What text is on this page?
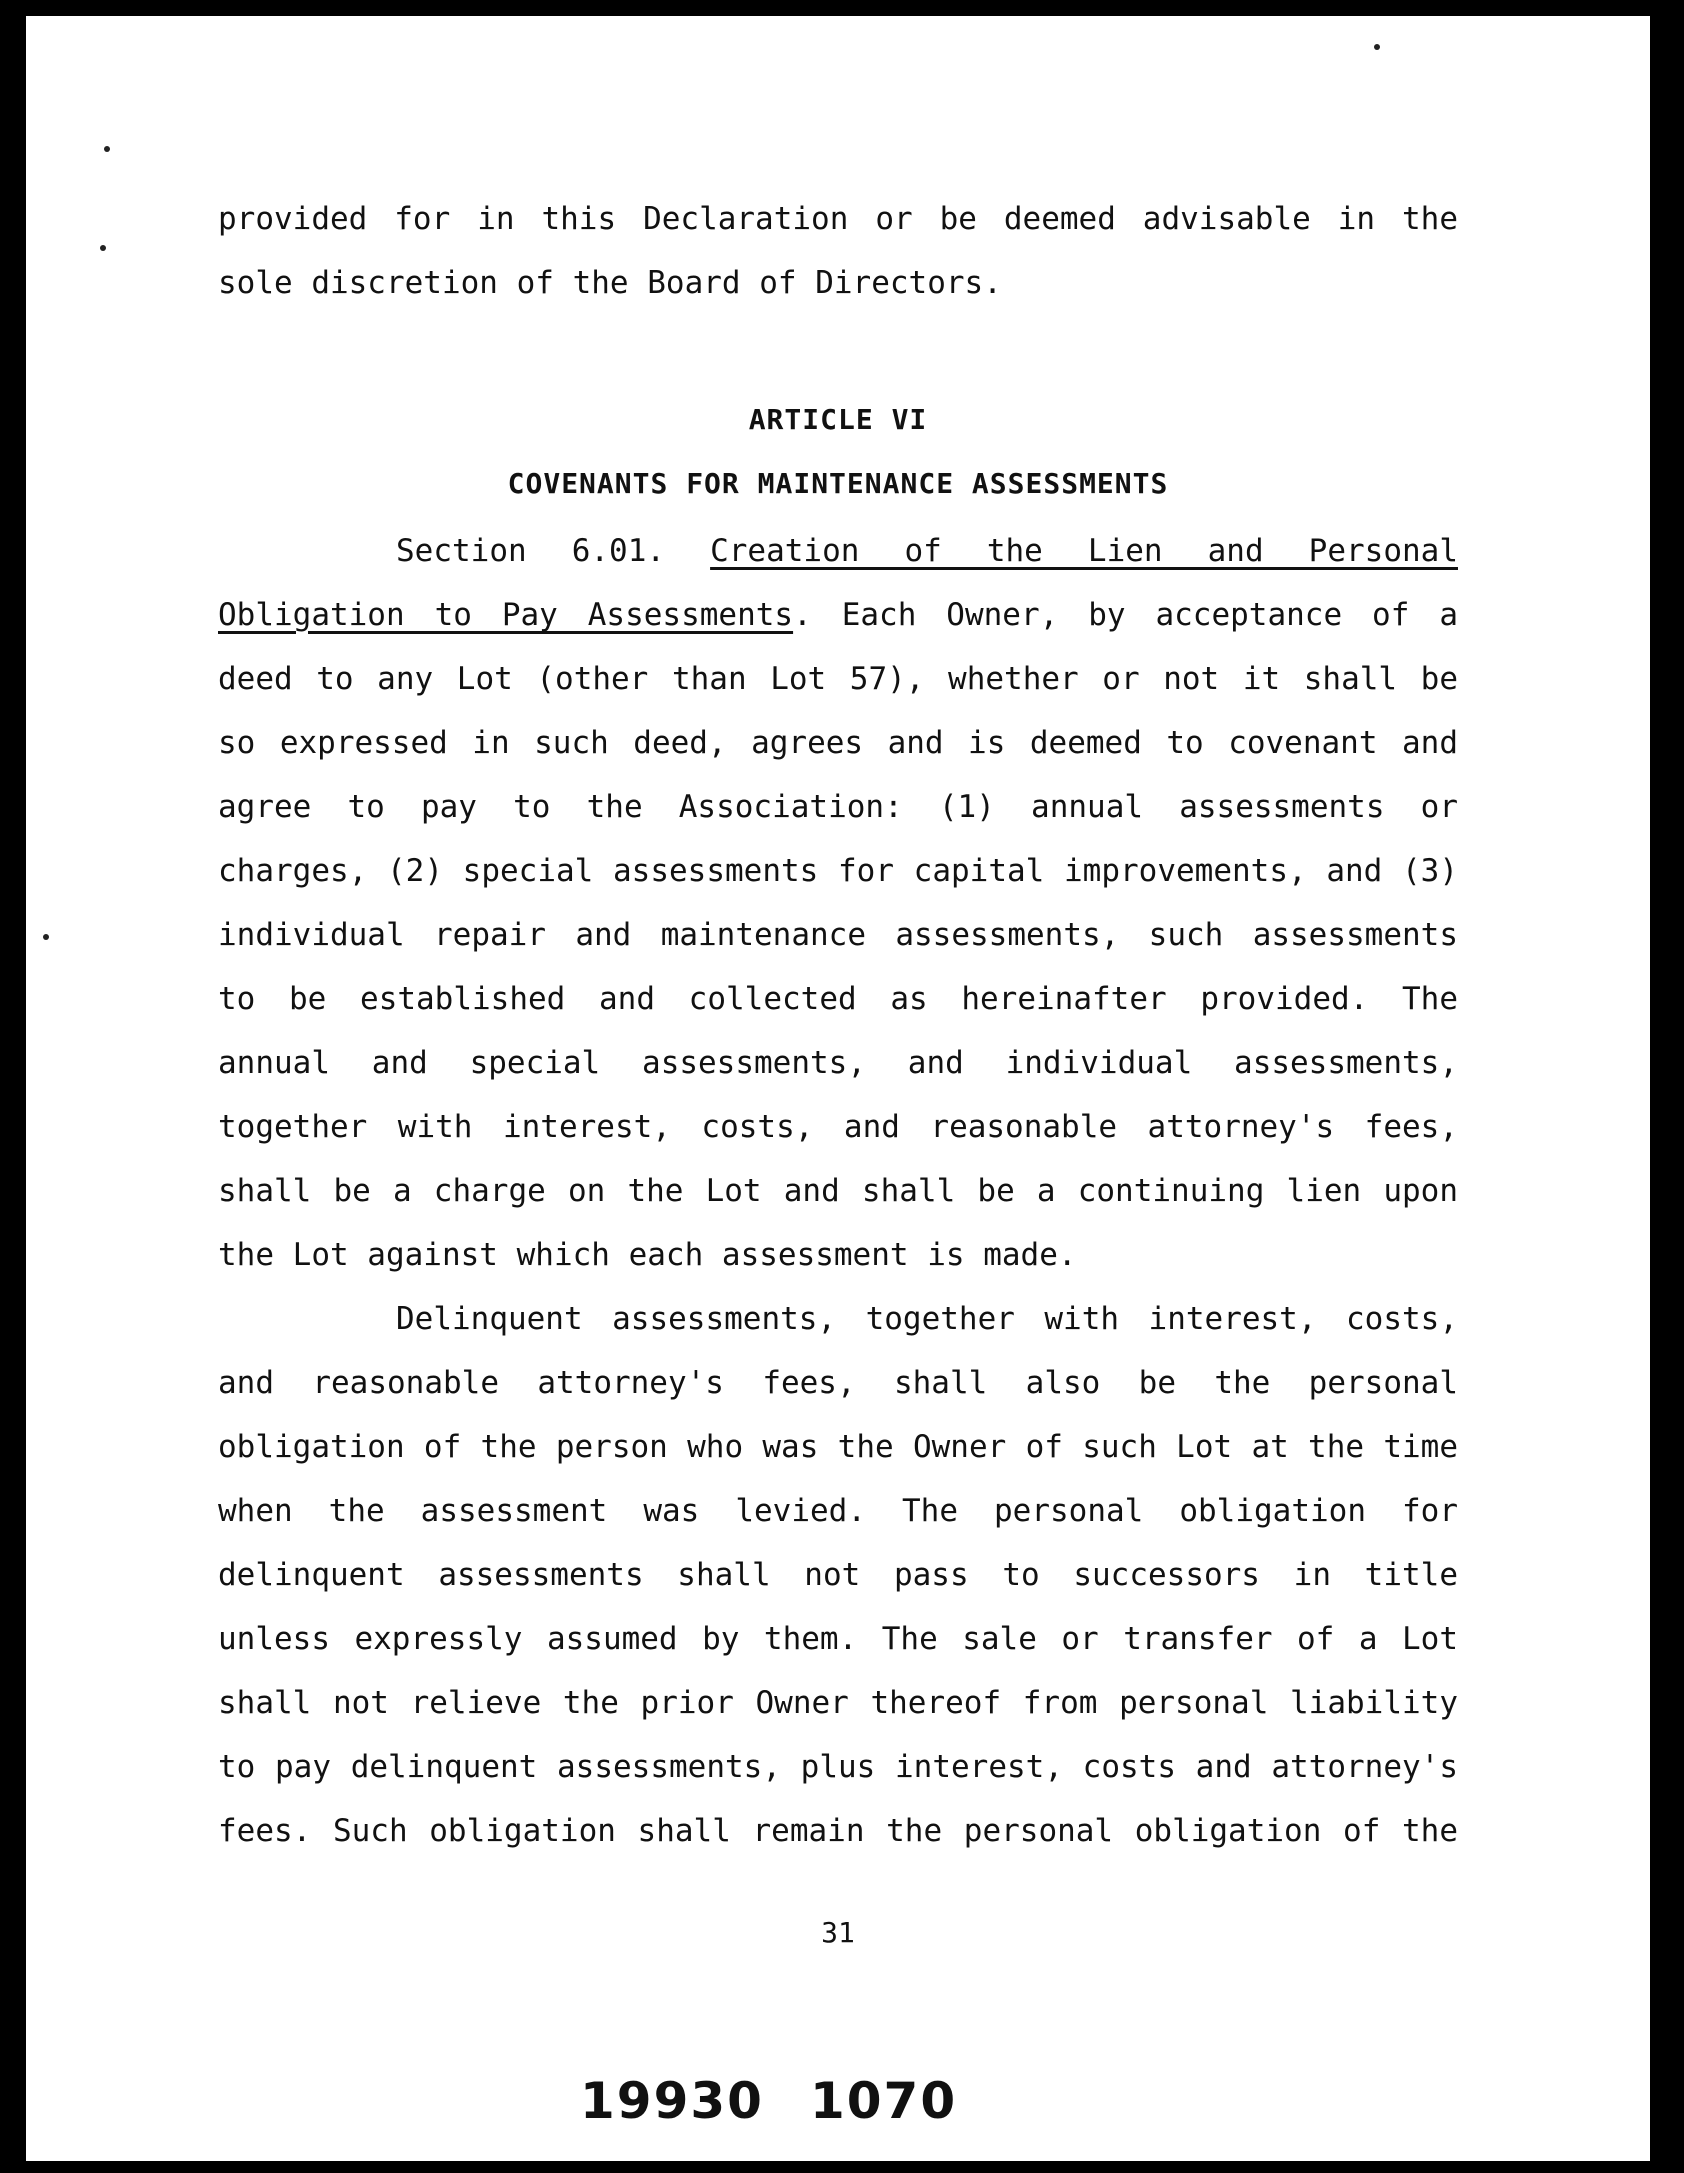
provided for in this Declaration or be deemed advisable in the
sole discretion of the Board of Directors.
ARTICLE VI
COVENANTS FOR MAINTENANCE ASSESSMENTS
Section 6.01. Creation of the Lien and Personal
Obligation to Pay Assessments. Each Owner, by acceptance of a
deed to any Lot (other than Lot 57), whether or not it shall be
so expressed in such deed, agrees and is deemed to covenant and
agree to pay to the Association: (1) annual assessments or
charges, (2) special assessments for capital improvements, and (3)
individual repair and maintenance assessments, such assessments
to be established and collected as hereinafter provided. The
annual and special assessments, and individual assessments,
together with interest, costs, and reasonable attorney's fees,
shall be a charge on the Lot and shall be a continuing lien upon
the Lot against which each assessment is made.
Delinquent assessments, together with interest, costs,
and reasonable attorney's fees, shall also be the personal
obligation of the person who was the Owner of such Lot at the time
when the assessment was levied. The personal obligation for
delinquent assessments shall not pass to successors in title
unless expressly assumed by them. The sale or transfer of a Lot
shall not relieve the prior Owner thereof from personal liability
to pay delinquent assessments, plus interest, costs and attorney's
fees. Such obligation shall remain the personal obligation of the
31
19930 1070
